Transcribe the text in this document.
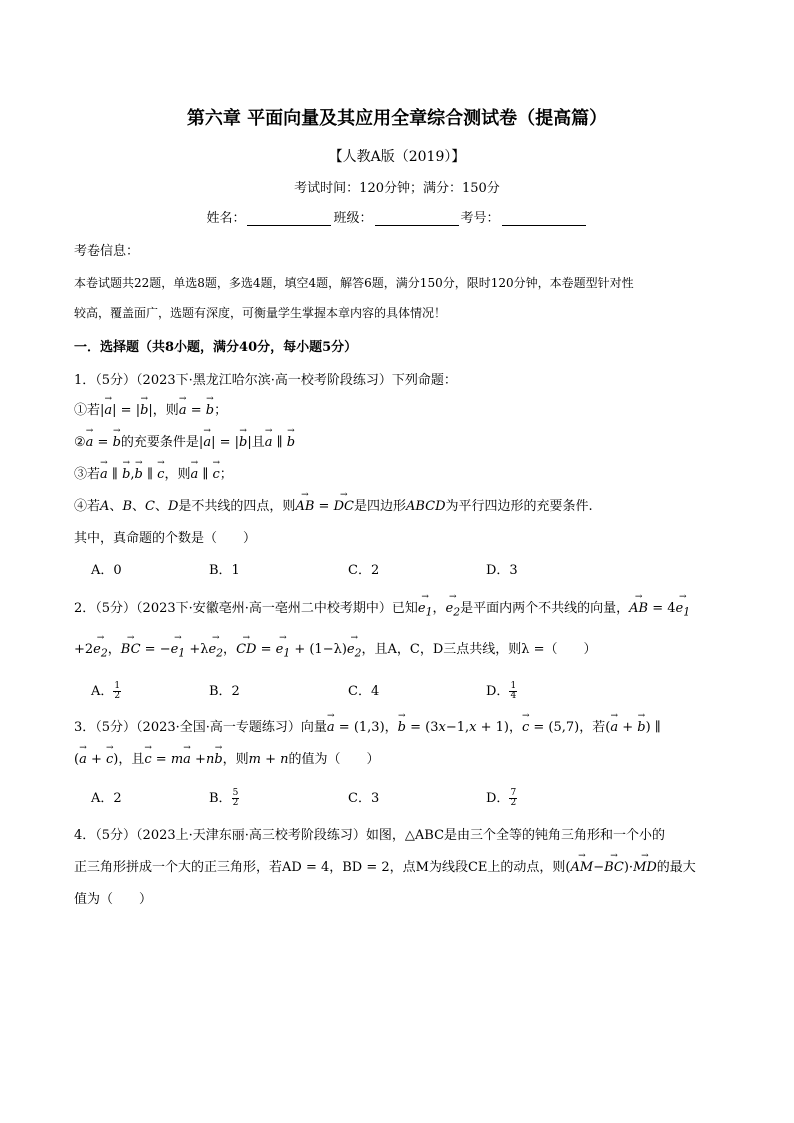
第六章 平面向量及其应用全章综合测试卷（提高篇）
【人教A版（2019）】
考试时间：120分钟；满分：150分
姓名：	班级：	考号：
考卷信息：
本卷试题共22题，单选8题，多选4题，填空4题，解答6题，满分150分，限时120分钟，本卷题型针对性
较高，覆盖面广，选题有深度，可衡量学生掌握本章内容的具体情况！
一．选择题（共8小题，满分40分，每小题5分）
1．（5分）（2023下·黑龙江哈尔滨·高一校考阶段练习）下列命题：
①若|→ a| = |→ b|，则→ a = → b；
②→ a = → b的充要条件是|→ a| = |→ b|且→ a ∥ → b
③若→ a ∥ → b,→ b ∥ → c，则→ a ∥ → c；
④若A、B、C、D是不共线的四点，则→ AB = → DC是四边形ABCD为平行四边形的充要条件.
其中，真命题的个数是（　　）
A．0	B．1	C．2	D．3
2．（5分）（2023下·安徽亳州·高一亳州二中校考期中）已知→ $e_1$，→ $e_2$是平面内两个不共线的向量，→ AB = $4\to e_1$
$+2\to e_2$，→ BC = −→ $e_1 +\lambda\to e_2$，→ CD = → $e_1 + (1-\lambda)\to e_2$，且A，C，D三点共线，则λ =（　　）
A． $\frac{1}{2}$	B．2	C．4	D． $\frac{1}{4}$
3．（5分）（2023·全国·高一专题练习）向量→ a = (1,3)，→ b = (3x−1,x + 1)，→ c = (5,7)，若(→ a + → b) ∥
(→ a + → c)，且→ c = m→ a +n→ b，则m + n的值为（　　）
A．2	B． $\frac{5}{2}$	C．3	D． $\frac{7}{2}$
4．（5分）（2023上·天津东丽·高三校考阶段练习）如图，△ABC是由三个全等的钝角三角形和一个小的
正三角形拼成一个大的正三角形，若AD = 4，BD = 2，点M为线段CE上的动点，则(→ AM−→ BC)·→ MD的最大
值为（　　）
